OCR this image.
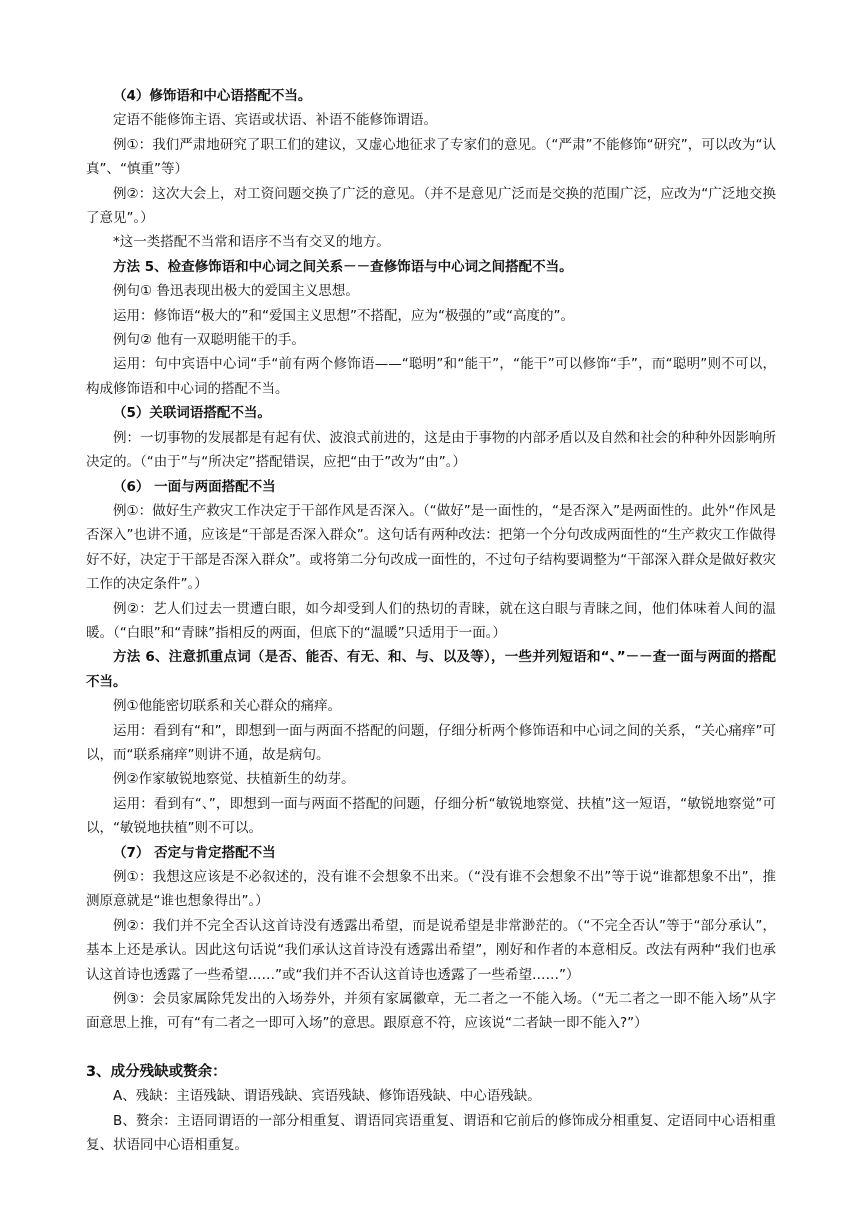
（4）修饰语和中心语搭配不当。

定语不能修饰主语、宾语或状语、补语不能修饰谓语。

例①：我们严肃地研究了职工们的建议，又虚心地征求了专家们的意见。（“严肃”不能修饰“研究”，可以改为“认真”、“慎重”等）

例②：这次大会上，对工资问题交换了广泛的意见。（并不是意见广泛而是交换的范围广泛，应改为“广泛地交换了意见”。）

*这一类搭配不当常和语序不当有交叉的地方。

方法 5、检查修饰语和中心词之间关系－－查修饰语与中心词之间搭配不当。

例句① 鲁迅表现出极大的爱国主义思想。

运用：修饰语“极大的”和“爱国主义思想”不搭配，应为“极强的”或“高度的”。

例句② 他有一双聪明能干的手。

运用：句中宾语中心词“手“前有两个修饰语——“聪明”和“能干”，“能干”可以修饰“手”，而“聪明”则不可以，构成修饰语和中心词的搭配不当。

（5）关联词语搭配不当。

例：一切事物的发展都是有起有伏、波浪式前进的，这是由于事物的内部矛盾以及自然和社会的种种外因影响所决定的。（“由于”与“所决定”搭配错误，应把“由于”改为“由”。）

（6） 一面与两面搭配不当

例①：做好生产救灾工作决定于干部作风是否深入。（“做好”是一面性的，“是否深入”是两面性的。此外“作风是否深入”也讲不通，应该是“干部是否深入群众”。这句话有两种改法：把第一个分句改成两面性的“生产救灾工作做得好不好，决定于干部是否深入群众”。或将第二分句改成一面性的，不过句子结构要调整为“干部深入群众是做好救灾工作的决定条件”。）

例②：艺人们过去一贯遭白眼，如今却受到人们的热切的青睐，就在这白眼与青睐之间，他们体味着人间的温暖。（“白眼”和“青睐”指相反的两面，但底下的“温暖”只适用于一面。）

方法 6、注意抓重点词（是否、能否、有无、和、与、以及等），一些并列短语和“、”－－查一面与两面的搭配不当。

例①他能密切联系和关心群众的痛痒。

运用：看到有“和”，即想到一面与两面不搭配的问题，仔细分析两个修饰语和中心词之间的关系，“关心痛痒”可以，而“联系痛痒”则讲不通，故是病句。

例②作家敏锐地察觉、扶植新生的幼芽。

运用：看到有“、”，即想到一面与两面不搭配的问题，仔细分析“敏锐地察觉、扶植”这一短语，“敏锐地察觉”可以，“敏锐地扶植”则不可以。

（7） 否定与肯定搭配不当

例①：我想这应该是不必叙述的，没有谁不会想象不出来。（“没有谁不会想象不出”等于说“谁都想象不出”，推测原意就是“谁也想象得出”。）

例②：我们并不完全否认这首诗没有透露出希望，而是说希望是非常渺茫的。（“不完全否认”等于“部分承认”，基本上还是承认。因此这句话说“我们承认这首诗没有透露出希望”，刚好和作者的本意相反。改法有两种“我们也承认这首诗也透露了一些希望……”或“我们并不否认这首诗也透露了一些希望……”）

例③：会员家属除凭发出的入场券外，并须有家属徽章，无二者之一不能入场。（“无二者之一即不能入场”从字面意思上推，可有“有二者之一即可入场”的意思。跟原意不符，应该说“二者缺一即不能入?”）

3、成分残缺或赘余：

A、残缺：主语残缺、谓语残缺、宾语残缺、修饰语残缺、中心语残缺。

B、赘余：主语同谓语的一部分相重复、谓语同宾语重复、谓语和它前后的修饰成分相重复、定语同中心语相重复、状语同中心语相重复。
